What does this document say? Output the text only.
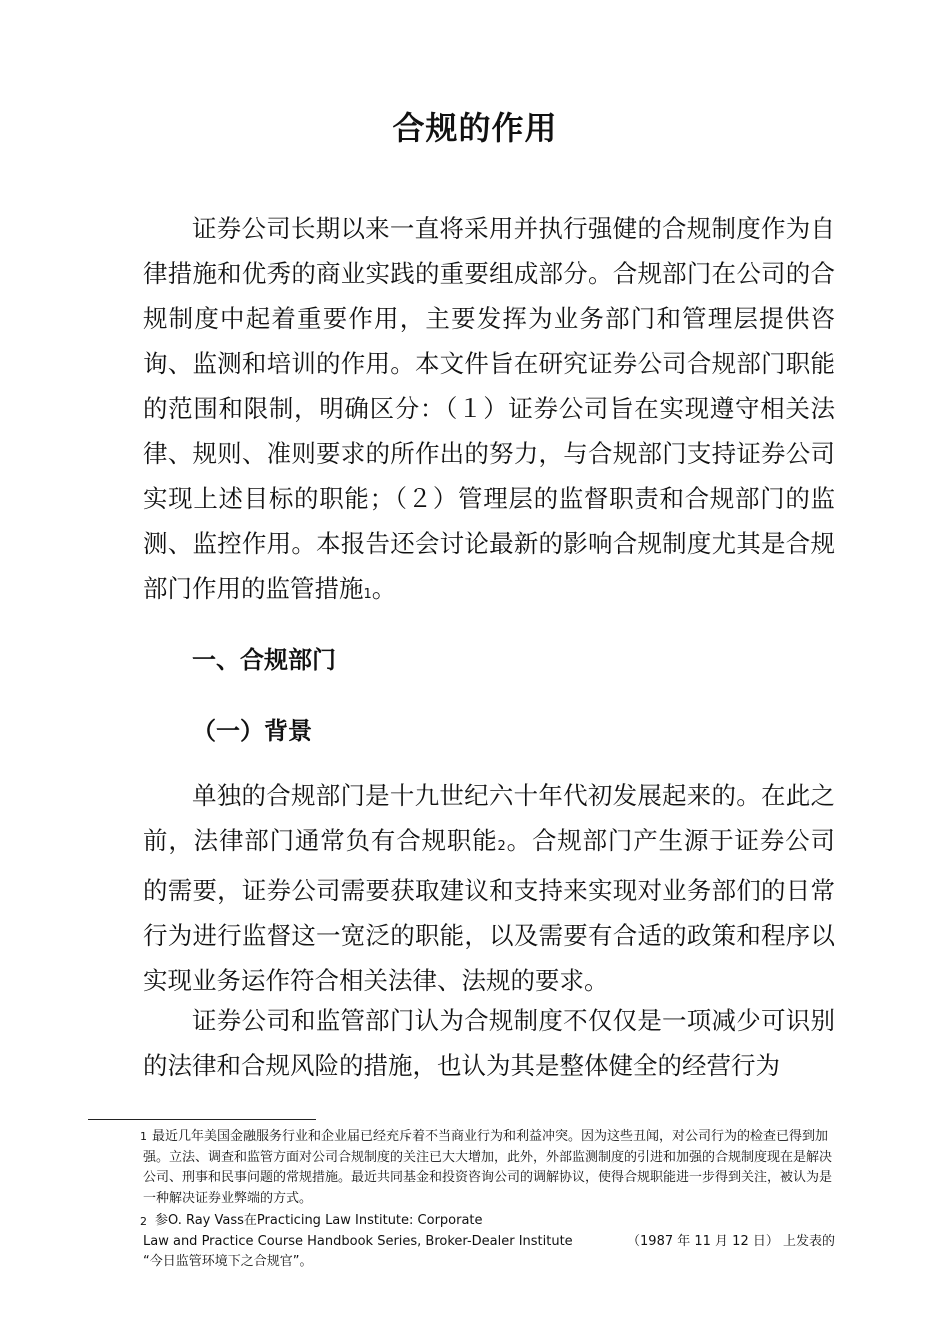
合规的作用

证券公司长期以来一直将采用并执行强健的合规制度作为自律措施和优秀的商业实践的重要组成部分。合规部门在公司的合规制度中起着重要作用，主要发挥为业务部门和管理层提供咨询、监测和培训的作用。本文件旨在研究证券公司合规部门职能的范围和限制，明确区分：（１）证券公司旨在实现遵守相关法律、规则、准则要求的所作出的努力，与合规部门支持证券公司实现上述目标的职能；（２）管理层的监督职责和合规部门的监测、监控作用。本报告还会讨论最新的影响合规制度尤其是合规部门作用的监管措施$_1$。

一、合规部门
（一）背景

单独的合规部门是十九世纪六十年代初发展起来的。在此之前，法律部门通常负有合规职能$_2$。合规部门产生源于证券公司的需要，证券公司需要获取建议和支持来实现对业务部们的日常行为进行监督这一宽泛的职能，以及需要有合适的政策和程序以实现业务运作符合相关法律、法规的要求。

证券公司和监管部门认为合规制度不仅仅是一项减少可识别的法律和合规风险的措施，也认为其是整体健全的经营行为

1 最近几年美国金融服务行业和企业届已经充斥着不当商业行为和利益冲突。因为这些丑闻，对公司行为的检查已得到加强。立法、调查和监管方面对公司合规制度的关注已大大增加，此外，外部监测制度的引进和加强的合规制度现在是解决公司、刑事和民事问题的常规措施。最近共同基金和投资咨询公司的调解协议，使得合规职能进一步得到关注，被认为是一种解决证券业弊端的方式。

2 参O. Ray Vass在Practicing Law Institute: Corporate
Law and Practice Course Handbook Series, Broker-Dealer Institute	（1987 年 11 月 12 日） 上发表的
“今日监管环境下之合规官”。
